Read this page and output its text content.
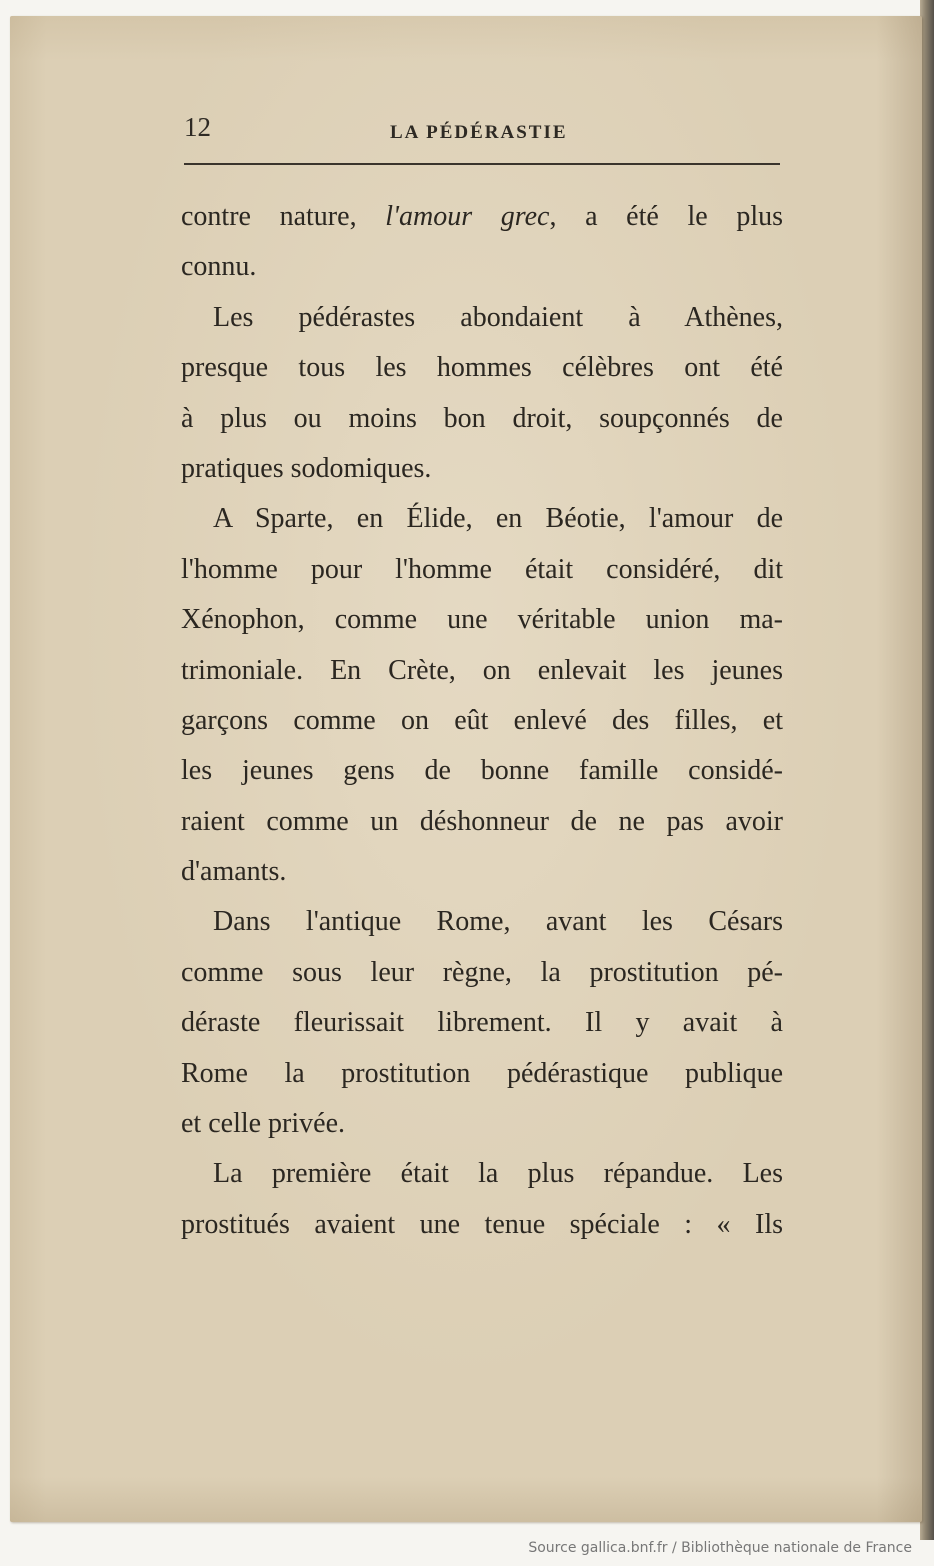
12	LA PÉDÉRASTIE
contre nature, l'amour grec, a été le plus
connu.
Les pédérastes abondaient à Athènes,
presque tous les hommes célèbres ont été
à plus ou moins bon droit, soupçonnés de
pratiques sodomiques.
A Sparte, en Élide, en Béotie, l'amour de
l'homme pour l'homme était considéré, dit
Xénophon, comme une véritable union ma-
trimoniale. En Crète, on enlevait les jeunes
garçons comme on eût enlevé des filles, et
les jeunes gens de bonne famille considé-
raient comme un déshonneur de ne pas avoir
d'amants.
Dans l'antique Rome, avant les Césars
comme sous leur règne, la prostitution pé-
déraste fleurissait librement. Il y avait à
Rome la prostitution pédérastique publique
et celle privée.
La première était la plus répandue. Les
prostitués avaient une tenue spéciale : « Ils
Source gallica.bnf.fr / Bibliothèque nationale de France
